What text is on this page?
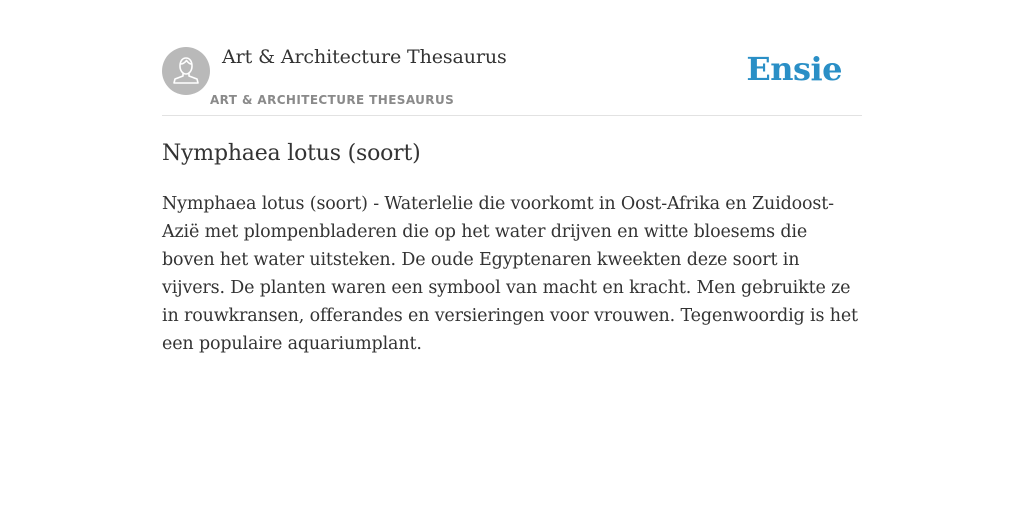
Art & Architecture Thesaurus
ART & ARCHITECTURE THESAURUS
Ensie
Nymphaea lotus (soort)

Nymphaea lotus (soort) - Waterlelie die voorkomt in Oost-Afrika en Zuidoost-Azië met plompenbladeren die op het water drijven en witte bloesems die boven het water uitsteken. De oude Egyptenaren kweekten deze soort in vijvers. De planten waren een symbool van macht en kracht. Men gebruikte ze in rouwkransen, offerandes en versieringen voor vrouwen. Tegenwoordig is het een populaire aquariumplant.
